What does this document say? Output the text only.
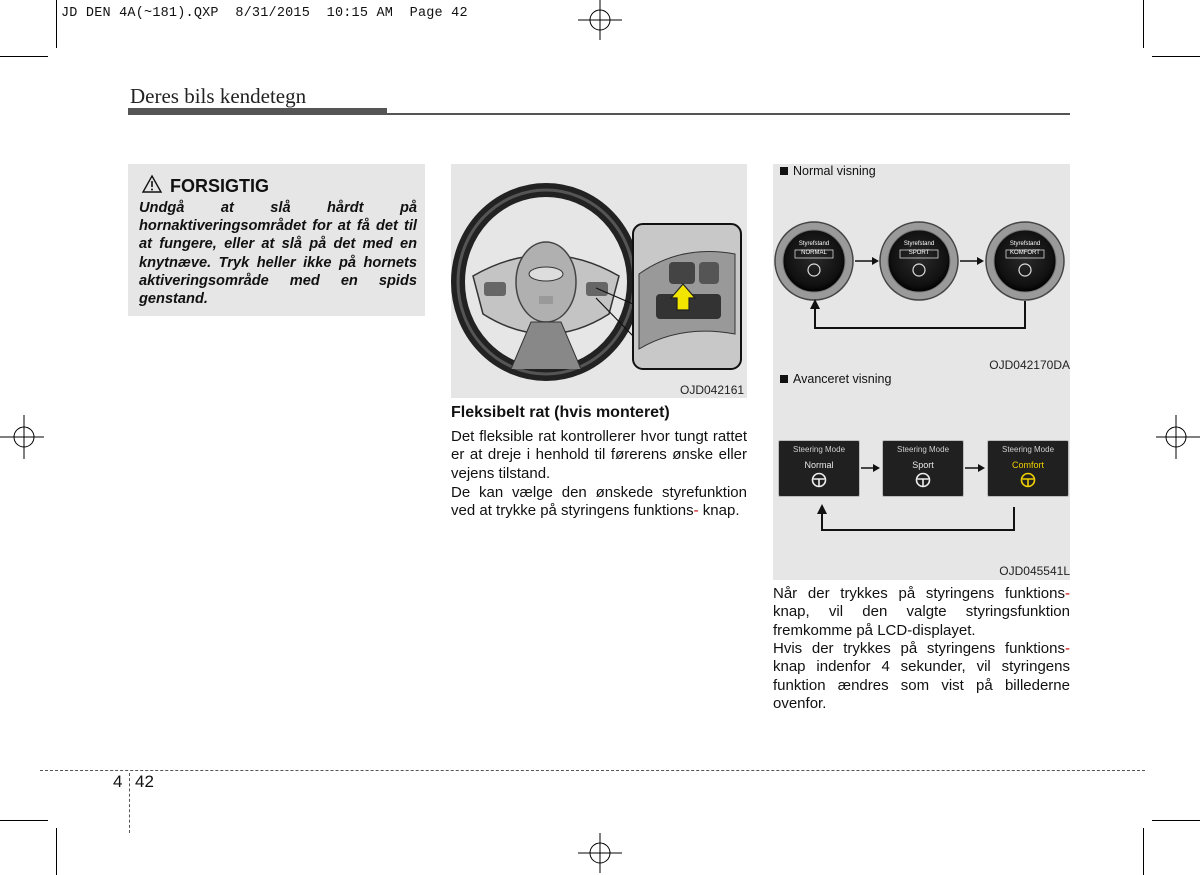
JD DEN 4A(~181).QXP  8/31/2015  10:15 AM  Page 42
Deres bils kendetegn
FORSIGTIG
Undgå at slå hårdt på hornaktiveringsområdet for at få det til at fungere, eller at slå på det med en knytnæve. Tryk heller ikke på hornets aktiveringsområde med en spids genstand.
OJD042161
Fleksibelt rat (hvis monteret)
Det fleksible rat kontrollerer hvor tungt rattet er at dreje i henhold til førerens ønske eller vejens tilstand.
De kan vælge den ønskede styrefunktion ved at trykke på styringens funktions- knap.
Normal visning
Styrefstand
NORMAL
Styrefstand
SPORT
Styrefstand
KOMFORT
OJD042170DA
Avanceret visning
Steering Mode
Normal
Steering Mode
Sport
Steering Mode
Comfort
OJD045541L
Når der trykkes på styringens funktions- knap, vil den valgte styringsfunktion fremkomme på LCD-displayet.
Hvis der trykkes på styringens funktions- knap indenfor 4 sekunder, vil styringens funktion ændres som vist på billederne ovenfor.
4 42
